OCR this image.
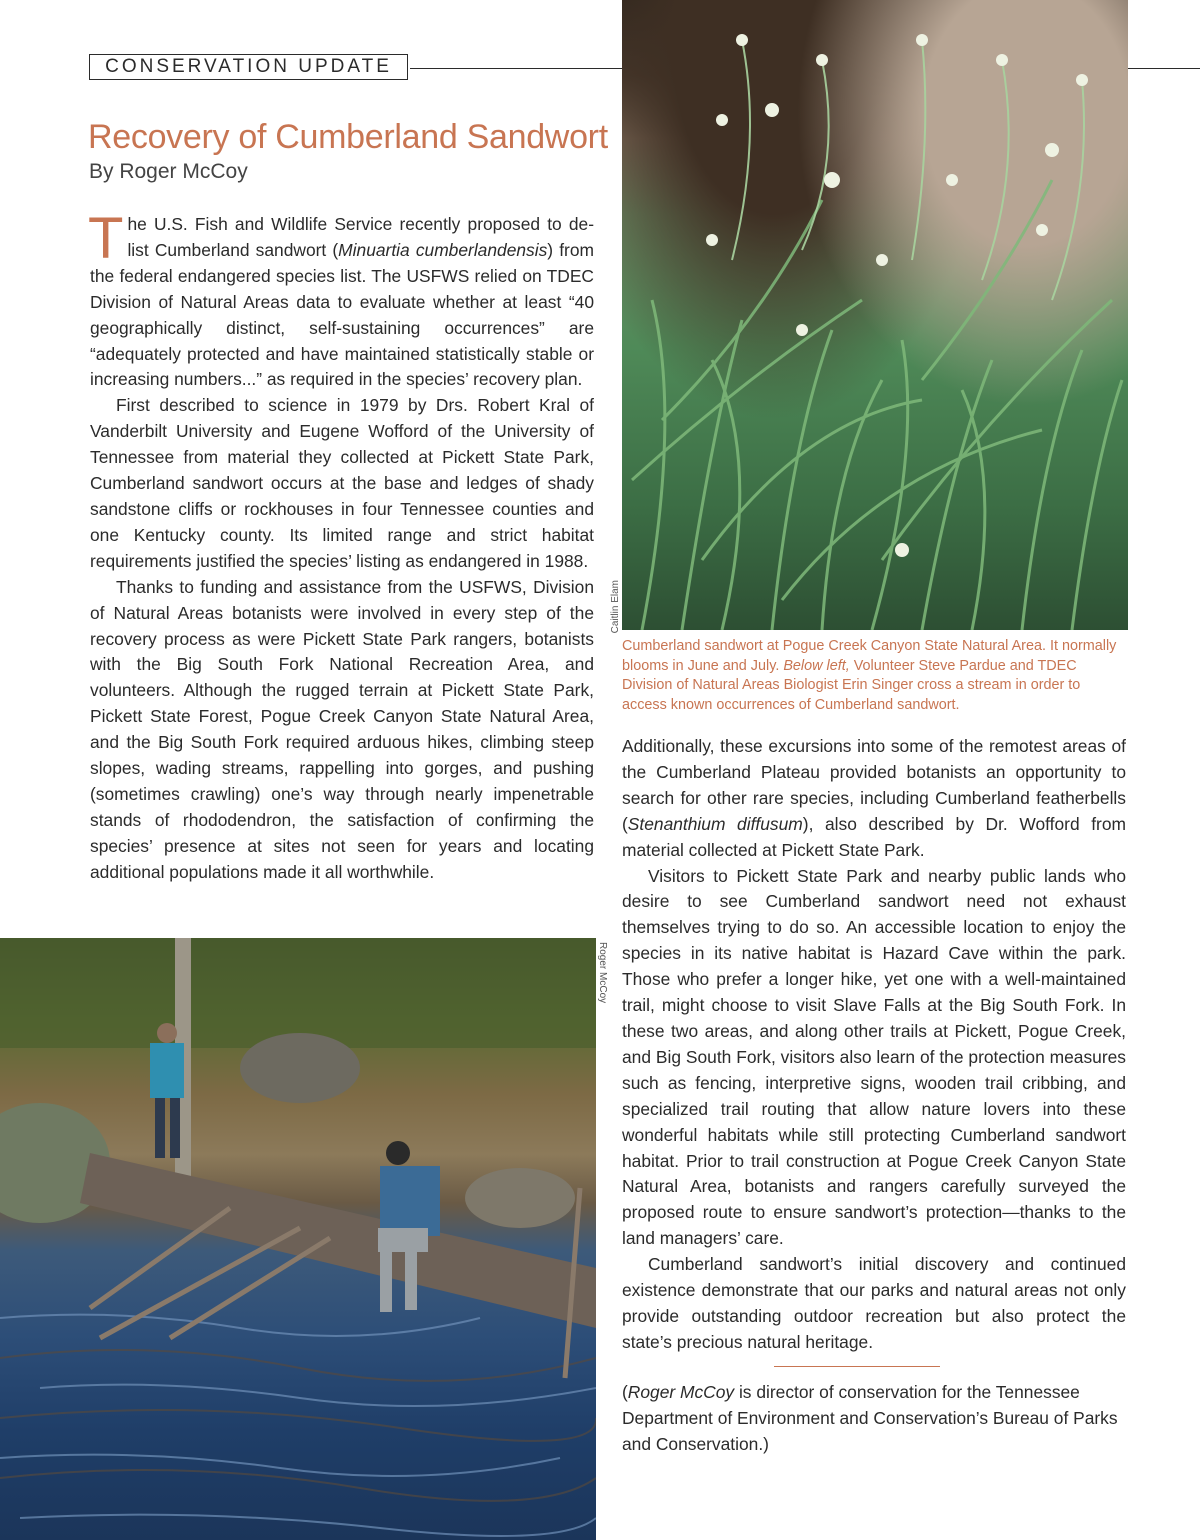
CONSERVATION UPDATE
Recovery of Cumberland Sandwort
By Roger McCoy

The U.S. Fish and Wildlife Service recently proposed to de-list Cumberland sandwort (Minuartia cumberlandensis) from the federal endangered species list. The USFWS relied on TDEC Division of Natural Areas data to evaluate whether at least “40 geographically distinct, self-sustaining occurrences” are “adequately protected and have maintained statistically stable or increasing numbers...” as required in the species’ recovery plan.

First described to science in 1979 by Drs. Robert Kral of Vanderbilt University and Eugene Wofford of the University of Tennessee from material they collected at Pickett State Park, Cumberland sandwort occurs at the base and ledges of shady sandstone cliffs or rockhouses in four Tennessee counties and one Kentucky county. Its limited range and strict habitat requirements justified the species’ listing as endangered in 1988.

Thanks to funding and assistance from the USFWS, Division of Natural Areas botanists were involved in every step of the recovery process as were Pickett State Park rangers, botanists with the Big South Fork National Recreation Area, and volunteers. Although the rugged terrain at Pickett State Park, Pickett State Forest, Pogue Creek Canyon State Natural Area, and the Big South Fork required arduous hikes, climbing steep slopes, wading streams, rappelling into gorges, and pushing (sometimes crawling) one’s way through nearly impenetrable stands of rhododendron, the satisfaction of confirming the species’ presence at sites not seen for years and locating additional populations made it all worthwhile.

Caitlin Elam

Cumberland sandwort at Pogue Creek Canyon State Natural Area. It normally blooms in June and July. Below left, Volunteer Steve Pardue and TDEC Division of Natural Areas Biologist Erin Singer cross a stream in order to access known occurrences of Cumberland sandwort.

Additionally, these excursions into some of the remotest areas of the Cumberland Plateau provided botanists an opportunity to search for other rare species, including Cumberland featherbells (Stenanthium diffusum), also described by Dr. Wofford from material collected at Pickett State Park.

Visitors to Pickett State Park and nearby public lands who desire to see Cumberland sandwort need not exhaust themselves trying to do so. An accessible location to enjoy the species in its native habitat is Hazard Cave within the park. Those who prefer a longer hike, yet one with a well-maintained trail, might choose to visit Slave Falls at the Big South Fork. In these two areas, and along other trails at Pickett, Pogue Creek, and Big South Fork, visitors also learn of the protection measures such as fencing, interpretive signs, wooden trail cribbing, and specialized trail routing that allow nature lovers into these wonderful habitats while still protecting Cumberland sandwort habitat. Prior to trail construction at Pogue Creek Canyon State Natural Area, botanists and rangers carefully surveyed the proposed route to ensure sandwort’s protection—thanks to the land managers’ care.

Cumberland sandwort’s initial discovery and continued existence demonstrate that our parks and natural areas not only provide outstanding outdoor recreation but also protect the state’s precious natural heritage.

(Roger McCoy is director of conservation for the Tennessee Department of Environment and Conservation’s Bureau of Parks and Conservation.)

Roger McCoy
